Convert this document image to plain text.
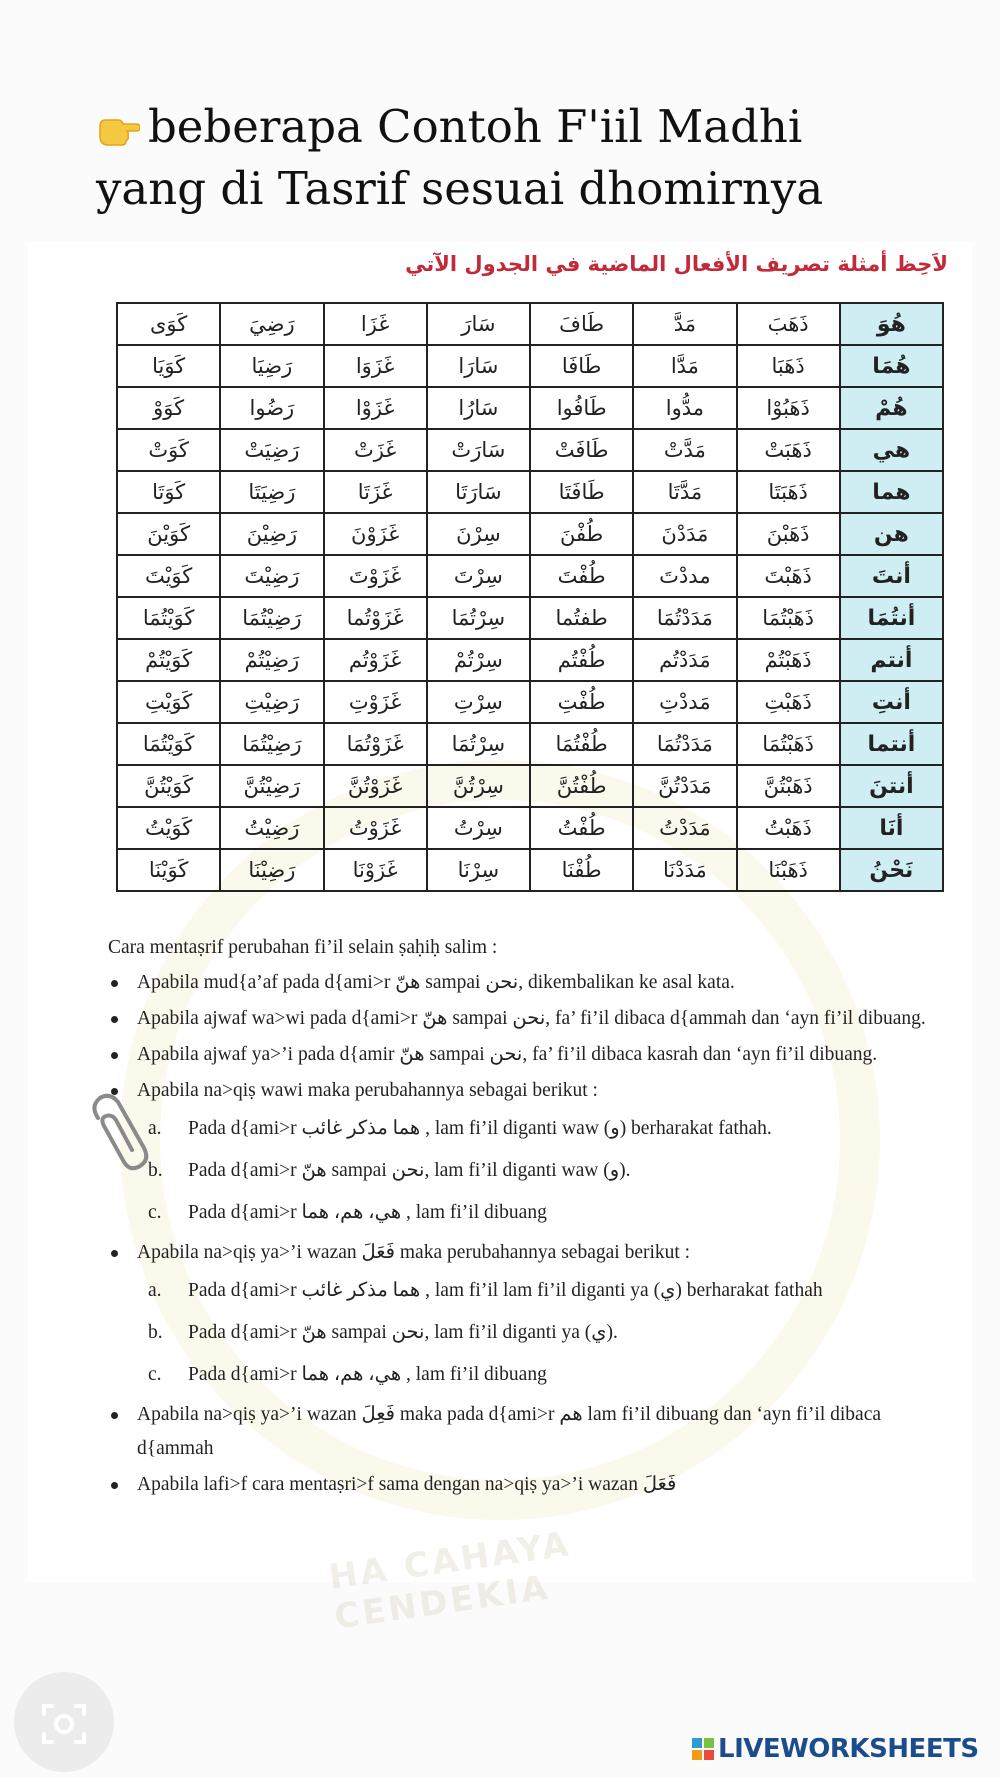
beberapa Contoh F'iil Madhi
yang di Tasrif sesuai dhomirnya
HA CAHAYA CENDEKIA
لاَحِظ أمثلة تصريف الأفعال الماضية في الجدول الآتي
هُوَ	ذَهَبَ	مَدَّ	طَافَ	سَارَ	غَزَا	رَضِيَ	كَوَى
هُمَا	ذَهَبَا	مَدَّا	طَافَا	سَارَا	غَزَوَا	رَضِيَا	كَوَيَا
هُمْ	ذَهَبُوْا	مدُّوا	طَافُوا	سَارُا	غَزَوْا	رَضُوا	كَوَوْ
هي	ذَهَبَتْ	مَدَّتْ	طَافَتْ	سَارَتْ	غَزَتْ	رَضِيَتْ	كَوَتْ
هما	ذَهَبَتَا	مَدَّتَا	طَافَتَا	سَارَتَا	غَزَتَا	رَضِيَتَا	كَوَتَا
هن	ذَهَبْنَ	مَدَدْنَ	طُفْنَ	سِرْنَ	غَزَوْنَ	رَضِيْنَ	كَوَيْنَ
أنتَ	ذَهَبْتَ	مددْتَ	طُفْتَ	سِرْتَ	غَزَوْتَ	رَضِيْتَ	كَوَيْتَ
أنتُمَا	ذَهَبْتُمَا	مَدَدْتُمَا	طفتُما	سِرْتُمَا	غَزَوْتُما	رَضِيْتُمَا	كَوَيْتُمَا
أنتم	ذَهَبْتُمْ	مَدَدْتُم	طُفْتُم	سِرْتُمْ	غَزَوْتُم	رَضِيْتُمْ	كَوَيْتُمْ
أنتِ	ذَهَبْتِ	مَددْتِ	طُفْتِ	سِرْتِ	غَزَوْتِ	رَضِيْتِ	كَوَيْتِ
أنتما	ذَهَبْتُمَا	مَدَدْتُمَا	طُفْتُمَا	سِرْتُمَا	غَزَوْتُمَا	رَضِيْتُمَا	كَوَيْتُمَا
أنتنَ	ذَهَبْتُنَّ	مَدَدْتُنَّ	طُفْتُنَّ	سِرْتُنَّ	غَزَوْتُنَّ	رَضِيْتُنَّ	كَوَيْتُنَّ
أنَا	ذَهَبْتُ	مَدَدْتُ	طُفْتُ	سِرْتُ	غَزَوْتُ	رَضِيْتُ	كَوَيْتُ
نَحْنُ	ذَهَبْنَا	مَدَدْنَا	طُفْنَا	سِرْنَا	غَزَوْنَا	رَضِيْنَا	كَوَيْنَا

Cara mentaṣrif perubahan fi’il selain ṣaḥiḥ salim :

Apabila mud{a’af pada d{ami>r هنّ sampai نحن, dikembalikan ke asal kata.
Apabila ajwaf wa>wi pada d{ami>r هنّ sampai نحن, fa’ fi’il dibaca d{ammah dan ‘ayn fi’il dibuang.
Apabila ajwaf ya>’i pada d{amir هنّ sampai نحن, fa’ fi’il dibaca kasrah dan ‘ayn fi’il dibuang.
Apabila na>qiṣ wawi maka perubahannya sebagai berikut :
a. Pada d{ami>r هما مذكر غائب , lam fi’il diganti waw (و) berharakat fathah.
b. Pada d{ami>r هنّ sampai نحن, lam fi’il diganti waw (و).
c. Pada d{ami>r هي، هم، هما , lam fi’il dibuang
Apabila na>qiṣ ya>’i wazan فَعَلَ maka perubahannya sebagai berikut :
a. Pada d{ami>r هما مذكر غائب , lam fi’il lam fi’il diganti ya (ي) berharakat fathah
b. Pada d{ami>r هنّ sampai نحن, lam fi’il diganti ya (ي).
c. Pada d{ami>r هي، هم، هما , lam fi’il dibuang
Apabila na>qiṣ ya>’i wazan فَعِلَ maka pada d{ami>r هم lam fi’il dibuang dan ‘ayn fi’il dibaca d{ammah
Apabila lafi>f cara mentaṣri>f sama dengan na>qiṣ ya>’i wazan فَعَلَ
LIVEWORKSHEETS
